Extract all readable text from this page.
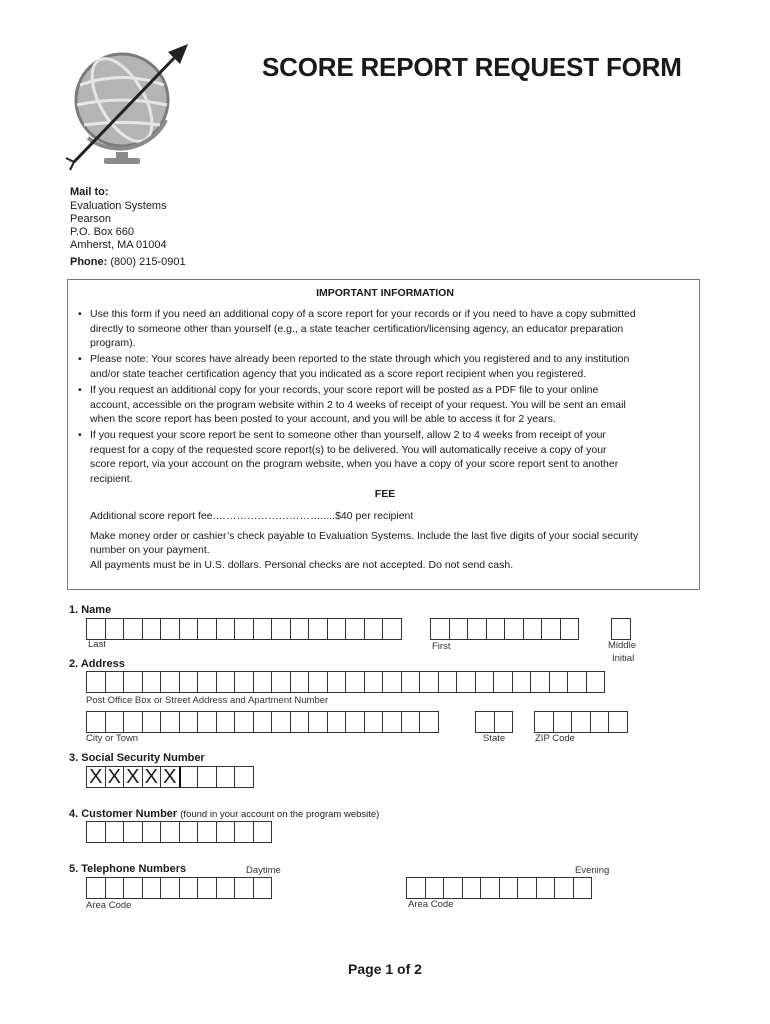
SCORE REPORT REQUEST FORM
Mail to:
Evaluation Systems
Pearson
P.O. Box 660
Amherst, MA 01004
Phone: (800) 215-0901
IMPORTANT INFORMATION
• Use this form if you need an additional copy of a score report for your records or if you need to have a copy submitted
directly to someone other than yourself (e.g., a state teacher certification/licensing agency, an educator preparation
program).
• Please note: Your scores have already been reported to the state through which you registered and to any institution
and/or state teacher certification agency that you indicated as a score report recipient when you registered.
• If you request an additional copy for your records, your score report will be posted as a PDF file to your online
account, accessible on the program website within 2 to 4 weeks of receipt of your request. You will be sent an email
when the score report has been posted to your account, and you will be able to access it for 2 years.
• If you request your score report be sent to someone other than yourself, allow 2 to 4 weeks from receipt of your
request for a copy of the requested score report(s) to be delivered. You will automatically receive a copy of your
score report, via your account on the program website, when you have a copy of your score report sent to another
recipient.
FEE
Additional score report fee.………………………….....$40 per recipient
Make money order or cashier’s check payable to Evaluation Systems. Include the last five digits of your social security
number on your payment.
All payments must be in U.S. dollars. Personal checks are not accepted. Do not send cash.
1. Name
Last	First	Middle
Initial
2. Address
Post Office Box or Street Address and Apartment Number
City or Town	State	ZIP Code
3. Social Security Number
X X X X X
4. Customer Number (found in your account on the program website)
5. Telephone Numbers	Daytime	Evening
Area Code	Area Code
Page 1 of 2
